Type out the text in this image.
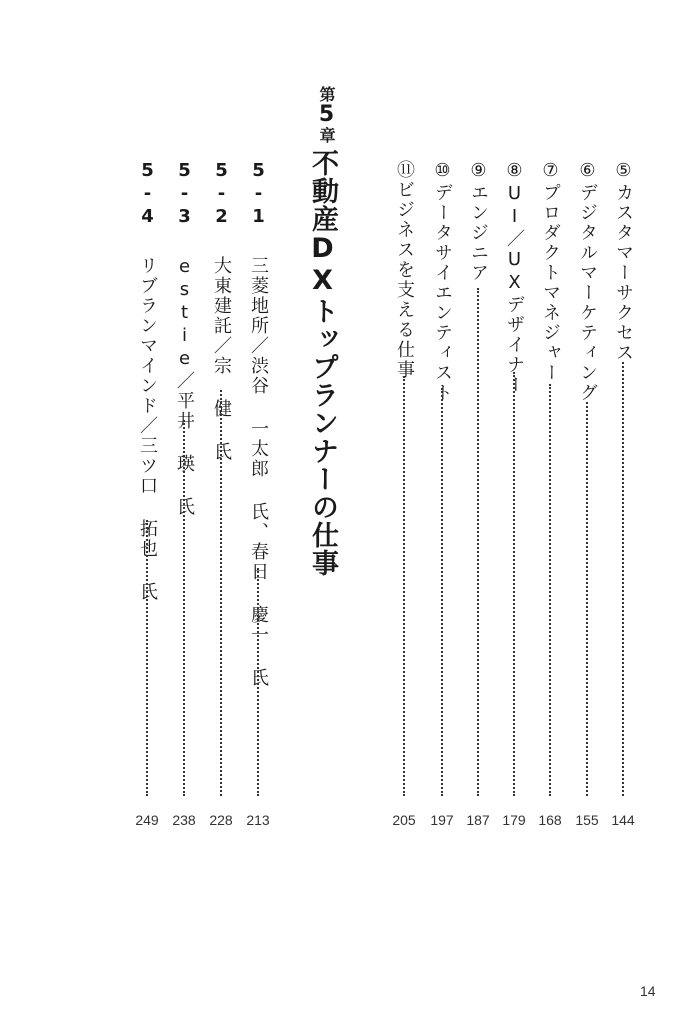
⑤カスタマーサクセス
144
⑥デジタルマーケティング
155
⑦プロダクトマネジャー
168
⑧UI／UXデザイナー
179
⑨エンジニア
187
⑩データサイエンティスト
197
⑪ビジネスを支える仕事
205
第5章
不動産DXトップランナーの仕事
5-1 三菱地所／渋谷 一太郎 氏、春日 慶一 氏
213
5-2 大東建託／宗 健 氏
228
5-3 estie／平井 瑛 氏
238
5-4 リブランマインド／三ツ口 拓也 氏
249
14
